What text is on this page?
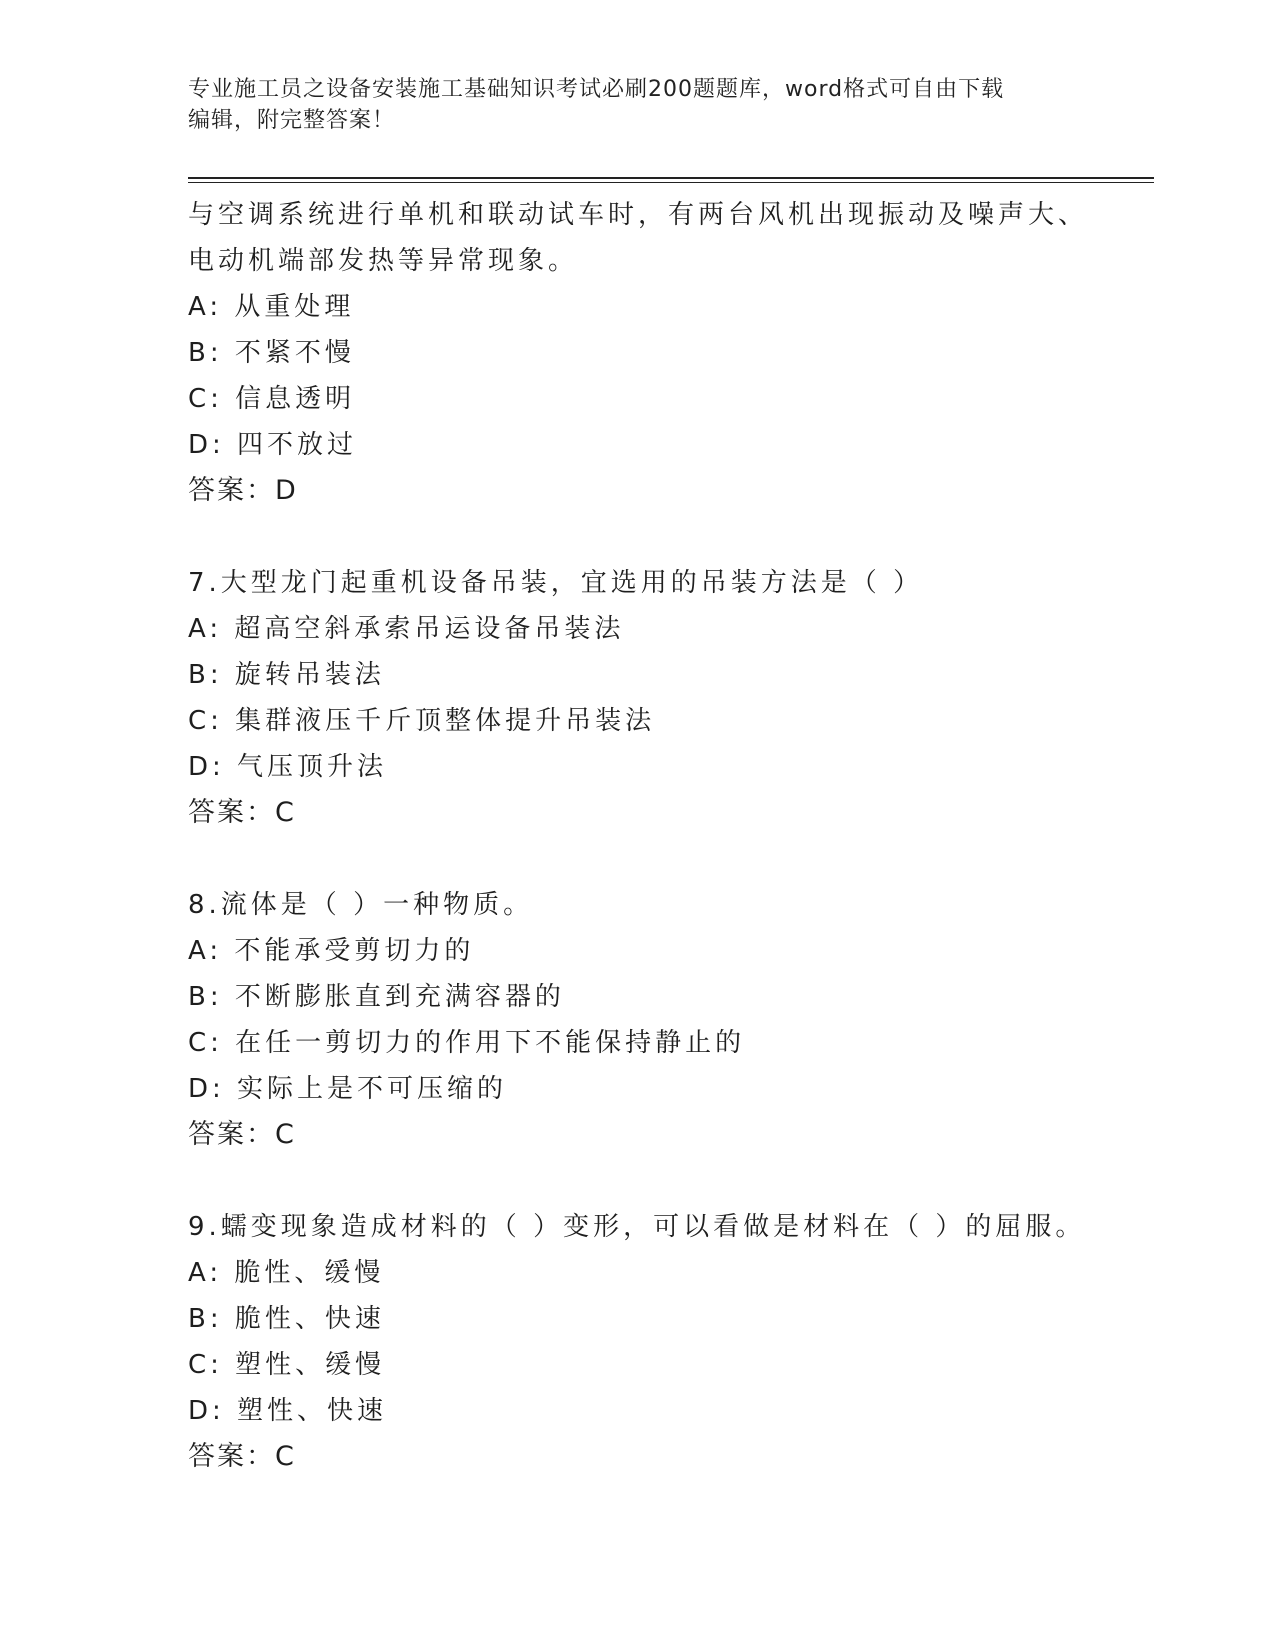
专业施工员之设备安装施工基础知识考试必刷200题题库，word格式可自由下载
编辑，附完整答案！
与空调系统进行单机和联动试车时，有两台风机出现振动及噪声大、
电动机端部发热等异常现象。
A: 从重处理
B: 不紧不慢
C: 信息透明
D: 四不放过
答案：D
7.大型龙门起重机设备吊装，宜选用的吊装方法是（ ）
A: 超高空斜承索吊运设备吊装法
B: 旋转吊装法
C: 集群液压千斤顶整体提升吊装法
D: 气压顶升法
答案：C
8.流体是（ ）一种物质。
A: 不能承受剪切力的
B: 不断膨胀直到充满容器的
C: 在任一剪切力的作用下不能保持静止的
D: 实际上是不可压缩的
答案：C
9.蠕变现象造成材料的（ ）变形，可以看做是材料在（ ）的屈服。
A: 脆性、缓慢
B: 脆性、快速
C: 塑性、缓慢
D: 塑性、快速
答案：C
